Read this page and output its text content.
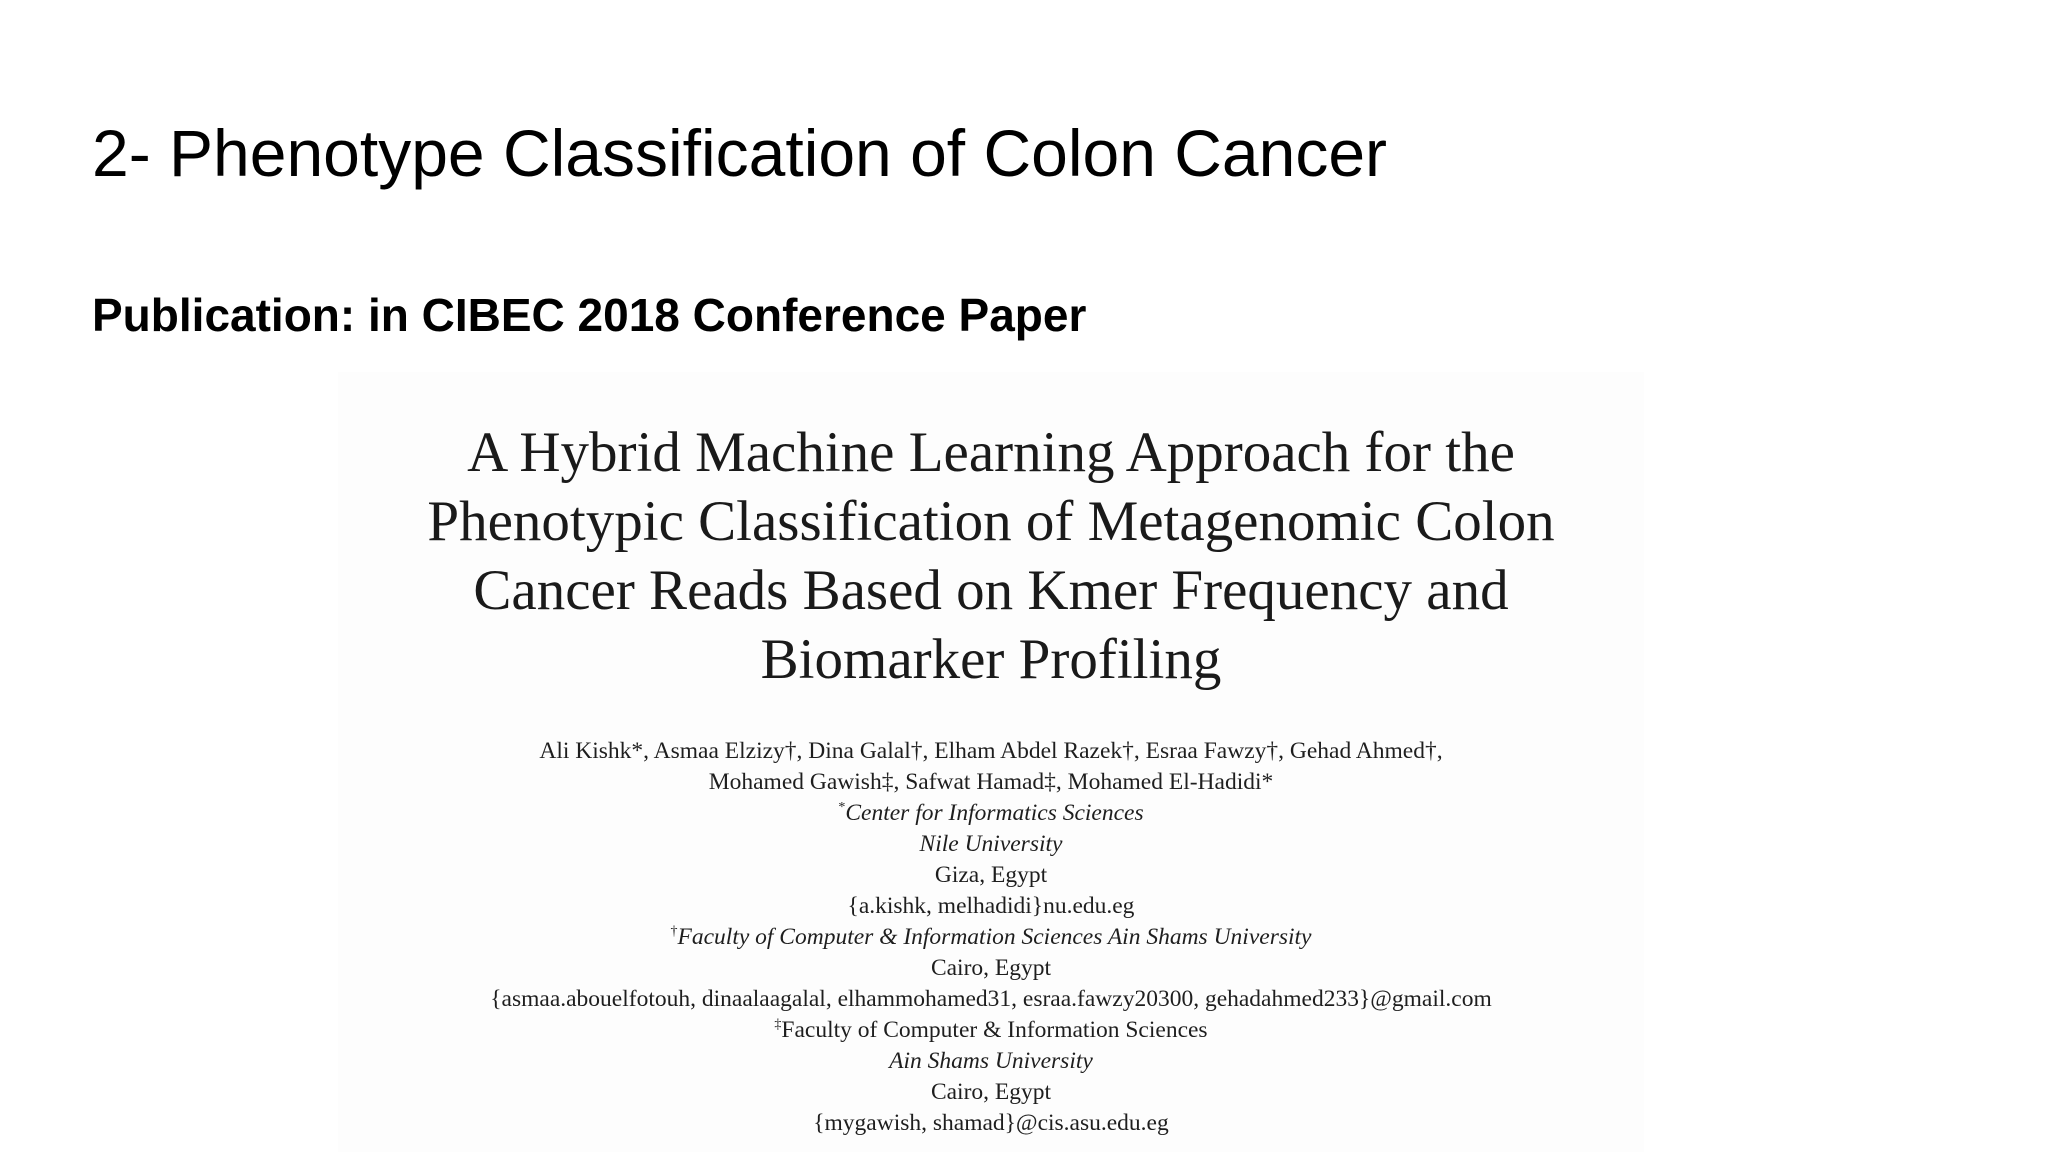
2- Phenotype Classification of Colon Cancer
Publication: in CIBEC 2018 Conference Paper
A Hybrid Machine Learning Approach for the
Phenotypic Classification of Metagenomic Colon
Cancer Reads Based on Kmer Frequency and
Biomarker Profiling
Ali Kishk*, Asmaa Elzizy†, Dina Galal†, Elham Abdel Razek†, Esraa Fawzy†, Gehad Ahmed†,
Mohamed Gawish‡, Safwat Hamad‡, Mohamed El-Hadidi*
*Center for Informatics Sciences
Nile University
Giza, Egypt
{a.kishk, melhadidi}nu.edu.eg
†Faculty of Computer & Information Sciences Ain Shams University
Cairo, Egypt
{asmaa.abouelfotouh, dinaalaagalal, elhammohamed31, esraa.fawzy20300, gehadahmed233}@gmail.com
‡Faculty of Computer & Information Sciences
Ain Shams University
Cairo, Egypt
{mygawish, shamad}@cis.asu.edu.eg
